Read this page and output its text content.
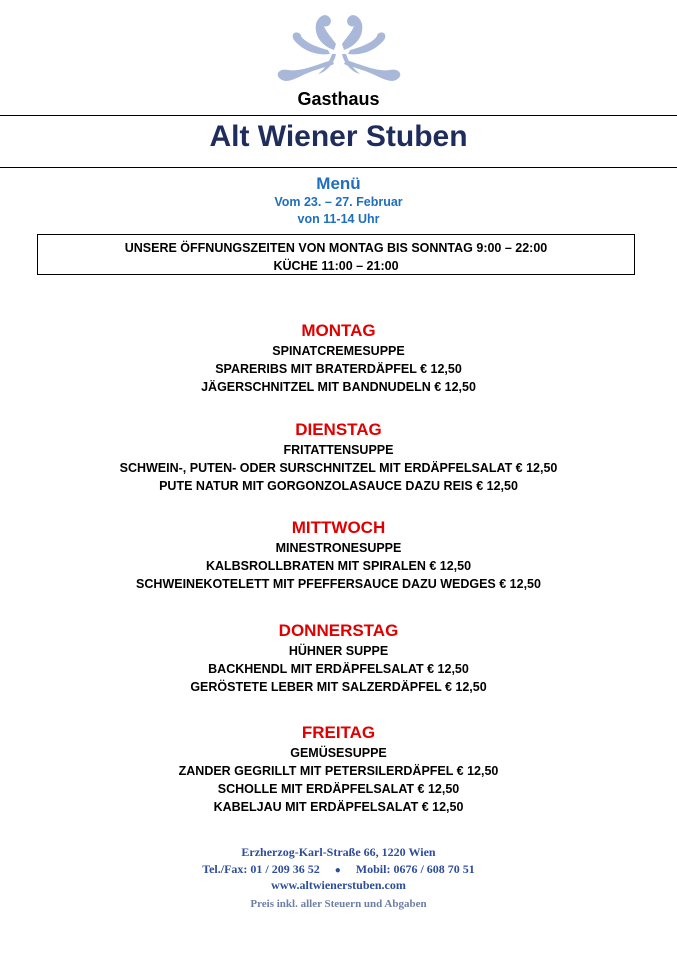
Gasthaus
Alt Wiener Stuben
Menü
Vom 23. – 27. Februar
von 11-14 Uhr
UNSERE ÖFFNUNGSZEITEN VON MONTAG BIS SONNTAG 9:00 – 22:00
KÜCHE 11:00 – 21:00
MONTAG
SPINATCREMESUPPE
SPARERIBS MIT BRATERDÄPFEL € 12,50
JÄGERSCHNITZEL MIT BANDNUDELN € 12,50
DIENSTAG
FRITATTENSUPPE
SCHWEIN-, PUTEN- ODER SURSCHNITZEL MIT ERDÄPFELSALAT € 12,50
PUTE NATUR MIT GORGONZOLASAUCE DAZU REIS € 12,50
MITTWOCH
MINESTRONESUPPE
KALBSROLLBRATEN MIT SPIRALEN € 12,50
SCHWEINEKOTELETT MIT PFEFFERSAUCE DAZU WEDGES € 12,50
DONNERSTAG
HÜHNER SUPPE
BACKHENDL MIT ERDÄPFELSALAT € 12,50
GERÖSTETE LEBER MIT SALZERDÄPFEL € 12,50
FREITAG
GEMÜSESUPPE
ZANDER GEGRILLT MIT PETERSILERDÄPFEL € 12,50
SCHOLLE MIT ERDÄPFELSALAT € 12,50
KABELJAU MIT ERDÄPFELSALAT € 12,50
Erzherzog-Karl-Straße 66, 1220 Wien
Tel./Fax: 01 / 209 36 52 ● Mobil: 0676 / 608 70 51
www.altwienerstuben.com
Preis inkl. aller Steuern und Abgaben
